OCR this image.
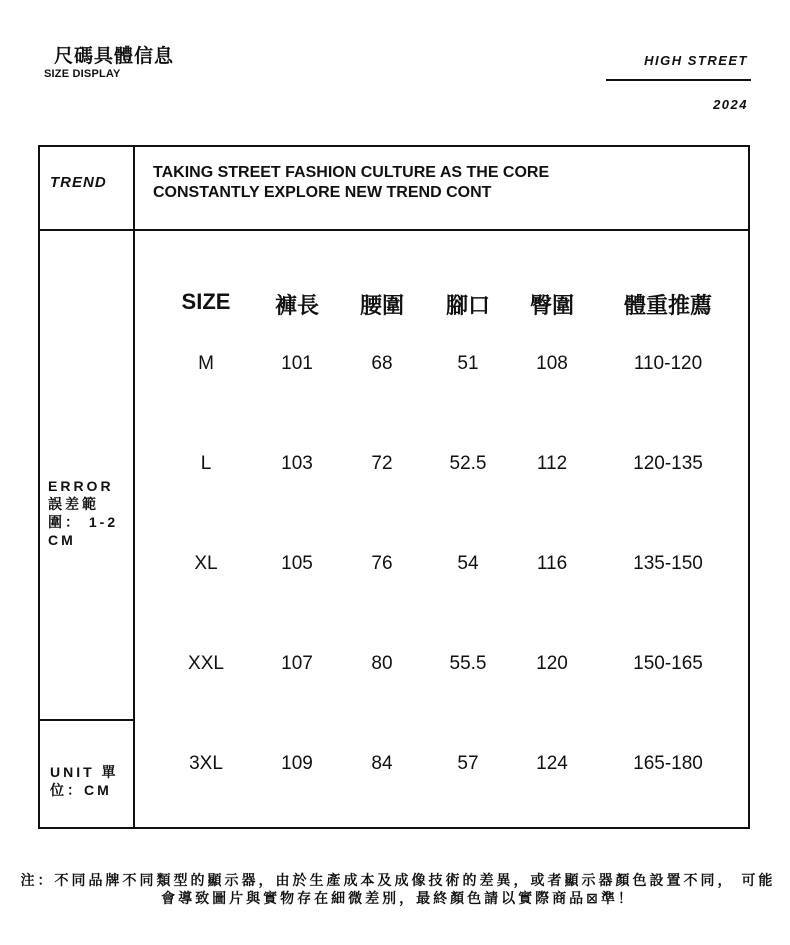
尺碼具體信息
SIZE DISPLAY
HIGH STREET
2024
TREND
TAKING STREET FASHION CULTURE AS THE CORE
CONSTANTLY EXPLORE NEW TREND CONT
ERROR 誤差範圍： 1-2CM
UNIT 單位：CM
SIZE	褲長	腰圍	腳口	臀圍	體重推薦
M	101	68	51	108	110-120
L	103	72	52.5	112	120-135
XL	105	76	54	116	135-150
XXL	107	80	55.5	120	150-165
3XL	109	84	57	124	165-180
注：不同品牌不同類型的顯示器，由於生產成本及成像技術的差異，或者顯示器顏色設置不同， 可能會導致圖片與實物存在細微差別，最終顏色請以實際商品⊠準！
